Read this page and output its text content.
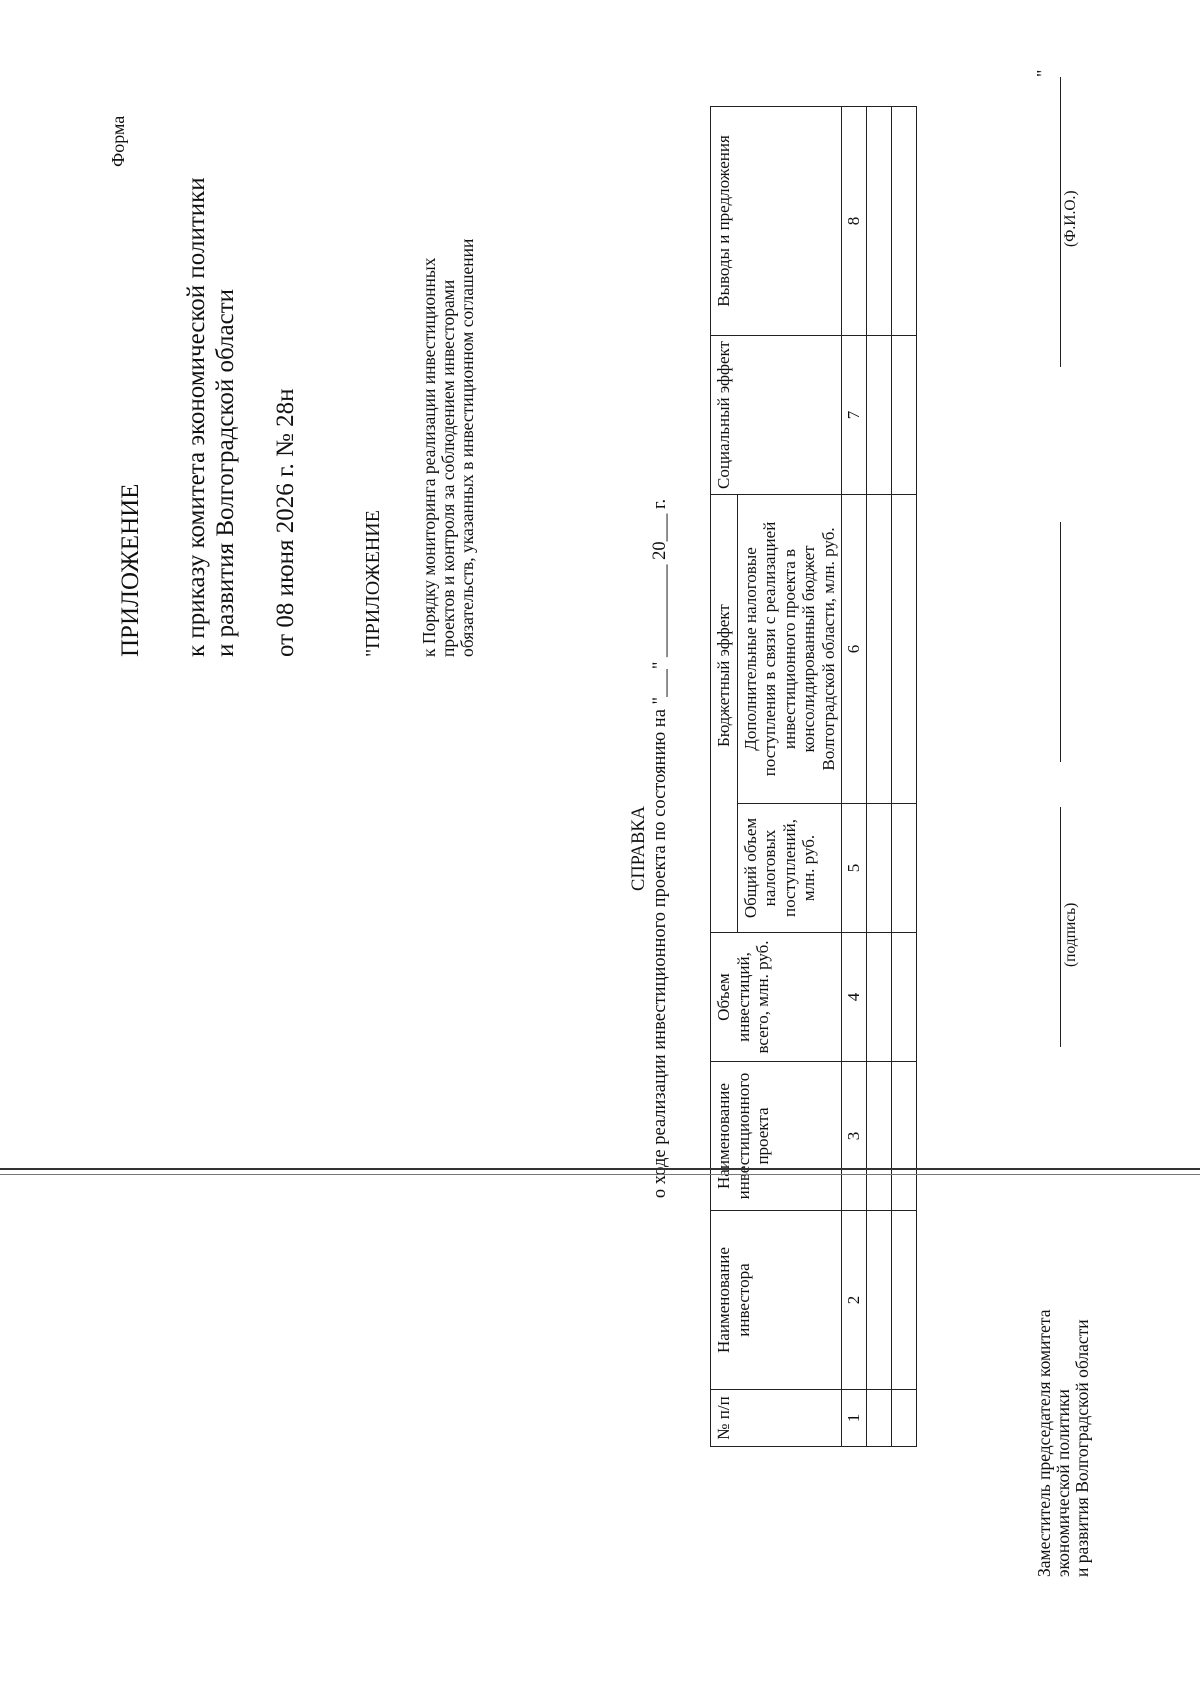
ПРИЛОЖЕНИЕ к приказу комитета экономической политики и развития Волгоградской области от 08 июня 2026 г. № 28н	"ПРИЛОЖЕНИЕ к Порядку мониторинга реализации инвестиционных проектов и контроля за соблюдением инвесторами обязательств, указанных в инвестиционном соглашении
Форма
СПРАВКА о ходе реализации инвестиционного проекта по состоянию на "___" __________ 20___ г.
№ п/п	Наименование инвестора	Наименование инвестиционного проекта	Объем инвестиций, всего, млн. руб.	Бюджетный эффект		Социальный эффект	Выводы и предложения
				Общий объем налоговых поступлений, млн. руб.	Дополнительные налоговые поступления в связи с реализацией инвестиционного проекта в консолидированный бюджет Волгоградской области, млн. руб.		
1	2	3	4	5	6	7	8

Заместитель председателя комитета экономической политики и развития Волгоградской области
(подпись)
(Ф.И.О.)
"
